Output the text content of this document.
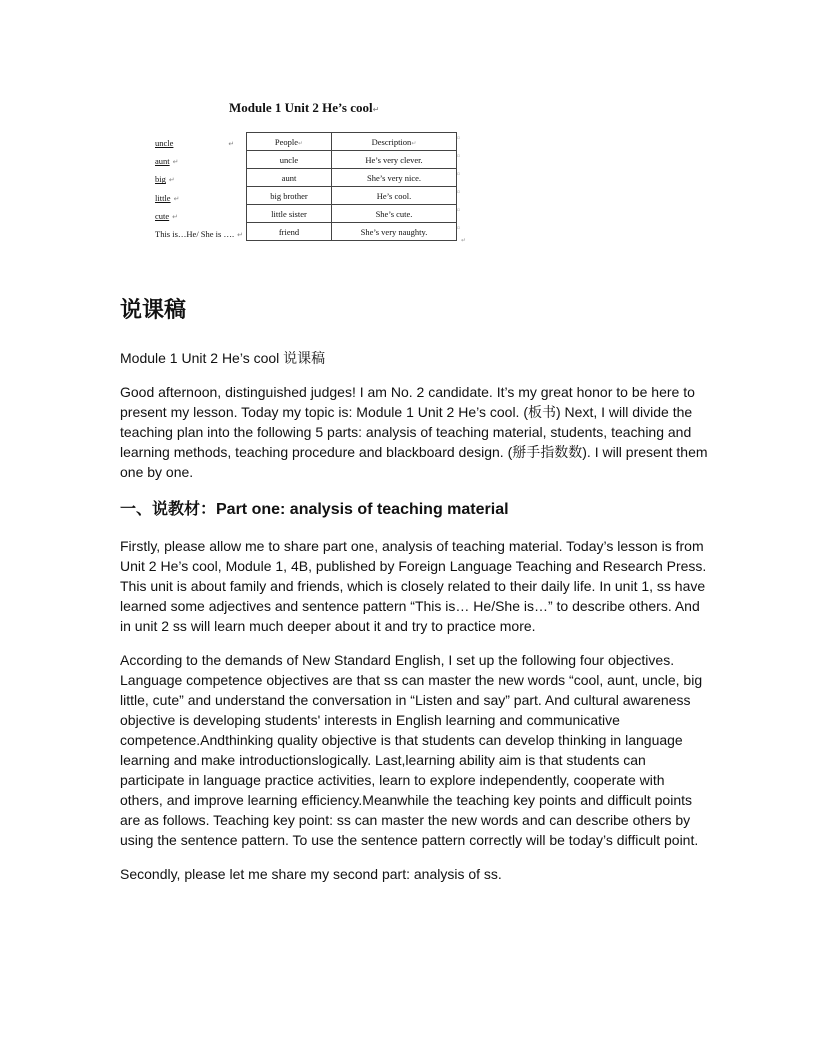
Module 1 Unit 2 He’s cool↵
uncle	↵
aunt ↵
big ↵
little ↵
cute ↵
This is…He/ She is …. ↵
People↵	Description↵
uncle	He’s very clever.
aunt	She’s very nice.
big brother	He’s cool.
little sister	She’s cute.
friend	She’s very naughty.
¤
¤
¤
¤
¤
¤
↵
说课稿

Module 1 Unit 2 He’s cool 说课稿

Good afternoon, distinguished judges! I am No. 2 candidate. It’s my great honor to be here to present my lesson. Today my topic is: Module 1 Unit 2 He’s cool. (板书) Next, I will divide the teaching plan into the following 5 parts: analysis of teaching material, students, teaching and learning methods, teaching procedure and blackboard design. (掰手指数数). I will present them one by one.

一、说教材：Part one: analysis of teaching material

Firstly, please allow me to share part one, analysis of teaching material. Today’s lesson is from Unit 2 He’s cool, Module 1, 4B, published by Foreign Language Teaching and Research Press. This unit is about family and friends, which is closely related to their daily life. In unit 1, ss have learned some adjectives and sentence pattern “This is… He/She is…” to describe others. And in unit 2 ss will learn much deeper about it and try to practice more.

According to the demands of New Standard English, I set up the following four objectives. Language competence objectives are that ss can master the new words “cool, aunt, uncle, big little, cute” and understand the conversation in “Listen and say” part. And cultural awareness objective is developing students' interests in English learning and communicative competence.Andthinking quality objective is that students can develop thinking in language learning and make introductionslogically. Last,learning ability aim is that students can participate in language practice activities, learn to explore independently, cooperate with others, and improve learning efficiency.Meanwhile the teaching key points and difficult points are as follows. Teaching key point: ss can master the new words and can describe others by using the sentence pattern. To use the sentence pattern correctly will be today’s difficult point.

Secondly, please let me share my second part: analysis of ss.
